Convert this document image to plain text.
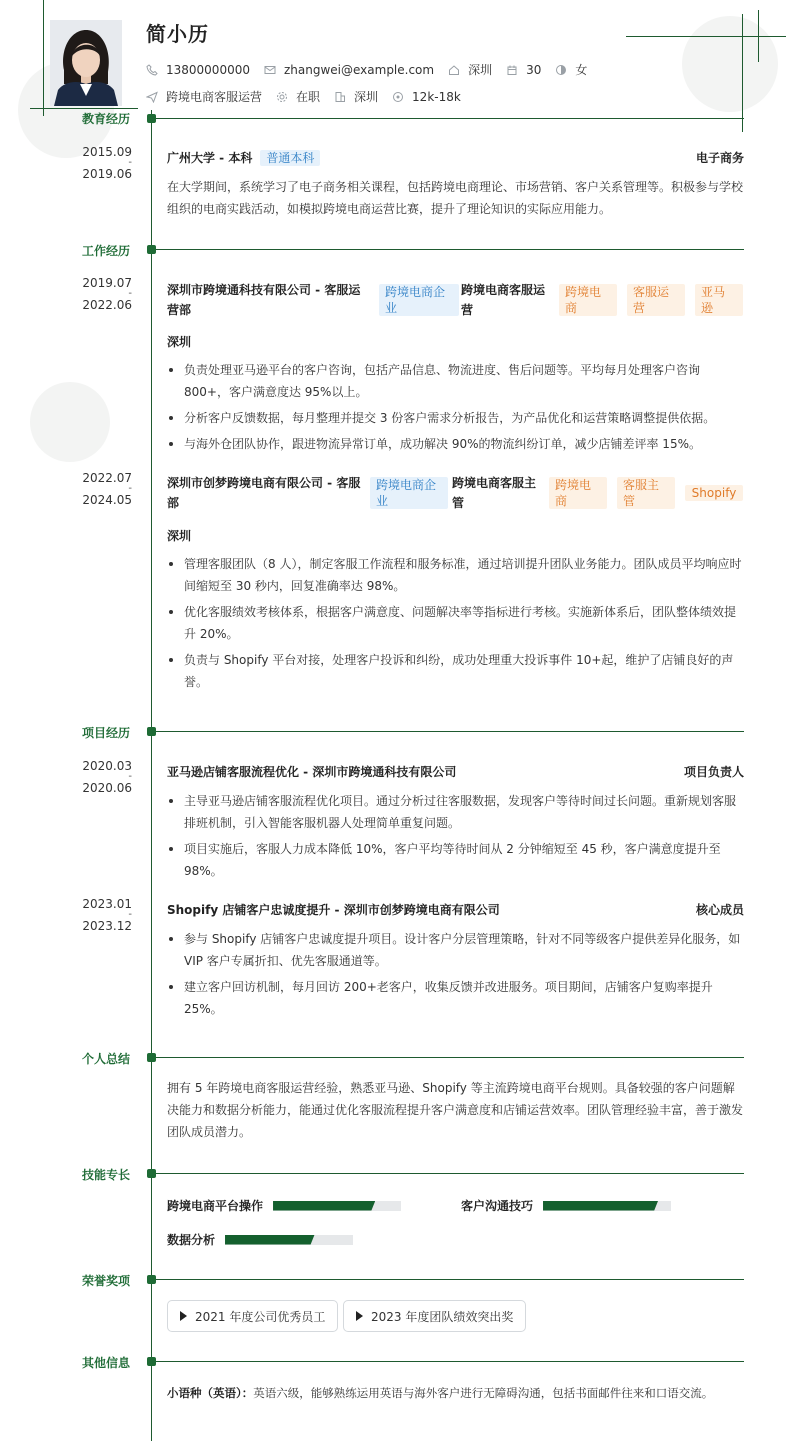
简小历
13800000000	zhangwei@example.com	深圳	30	女
跨境电商客服运营	在职	深圳	12k-18k
教育经历
2015.09
-
2019.06
广州大学 - 本科	普通本科	电子商务
在大学期间，系统学习了电子商务相关课程，包括跨境电商理论、市场营销、客户关系管理等。积极参与学校组织的电商实践活动，如模拟跨境电商运营比赛，提升了理论知识的实际应用能力。
工作经历
2019.07
-
2022.06
深圳市跨境通科技有限公司 - 客服运
营部
跨境电商企
业
跨境电商客服运
营
跨境电
商
客服运
营
亚马
逊
深圳
负责处理亚马逊平台的客户咨询，包括产品信息、物流进度、售后问题等。平均每月处理客户咨询 800+，客户满意度达 95%以上。
分析客户反馈数据，每月整理并提交 3 份客户需求分析报告，为产品优化和运营策略调整提供依据。
与海外仓团队协作，跟进物流异常订单，成功解决 90%的物流纠纷订单，减少店铺差评率 15%。
2022.07
-
2024.05
深圳市创梦跨境电商有限公司 - 客服
部
跨境电商企
业
跨境电商客服主
管
跨境电
商
客服主
管
Shopify
深圳
管理客服团队（8 人），制定客服工作流程和服务标准，通过培训提升团队业务能力。团队成员平均响应时间缩短至 30 秒内，回复准确率达 98%。
优化客服绩效考核体系，根据客户满意度、问题解决率等指标进行考核。实施新体系后，团队整体绩效提升 20%。
负责与 Shopify 平台对接，处理客户投诉和纠纷，成功处理重大投诉事件 10+起，维护了店铺良好的声誉。
项目经历
2020.03
-
2020.06
亚马逊店铺客服流程优化 - 深圳市跨境通科技有限公司	项目负责人
主导亚马逊店铺客服流程优化项目。通过分析过往客服数据，发现客户等待时间过长问题。重新规划客服排班机制，引入智能客服机器人处理简单重复问题。
项目实施后，客服人力成本降低 10%，客户平均等待时间从 2 分钟缩短至 45 秒，客户满意度提升至 98%。
2023.01
-
2023.12
Shopify 店铺客户忠诚度提升 - 深圳市创梦跨境电商有限公司	核心成员
参与 Shopify 店铺客户忠诚度提升项目。设计客户分层管理策略，针对不同等级客户提供差异化服务，如 VIP 客户专属折扣、优先客服通道等。
建立客户回访机制，每月回访 200+老客户，收集反馈并改进服务。项目期间，店铺客户复购率提升 25%。
个人总结
拥有 5 年跨境电商客服运营经验，熟悉亚马逊、Shopify 等主流跨境电商平台规则。具备较强的客户问题解决能力和数据分析能力，能通过优化客服流程提升客户满意度和店铺运营效率。团队管理经验丰富，善于激发团队成员潜力。
技能专长
跨境电商平台操作	客户沟通技巧
数据分析
荣誉奖项
2021 年度公司优秀员工	2023 年度团队绩效突出奖
其他信息
小语种（英语）：英语六级，能够熟练运用英语与海外客户进行无障碍沟通，包括书面邮件往来和口语交流。
